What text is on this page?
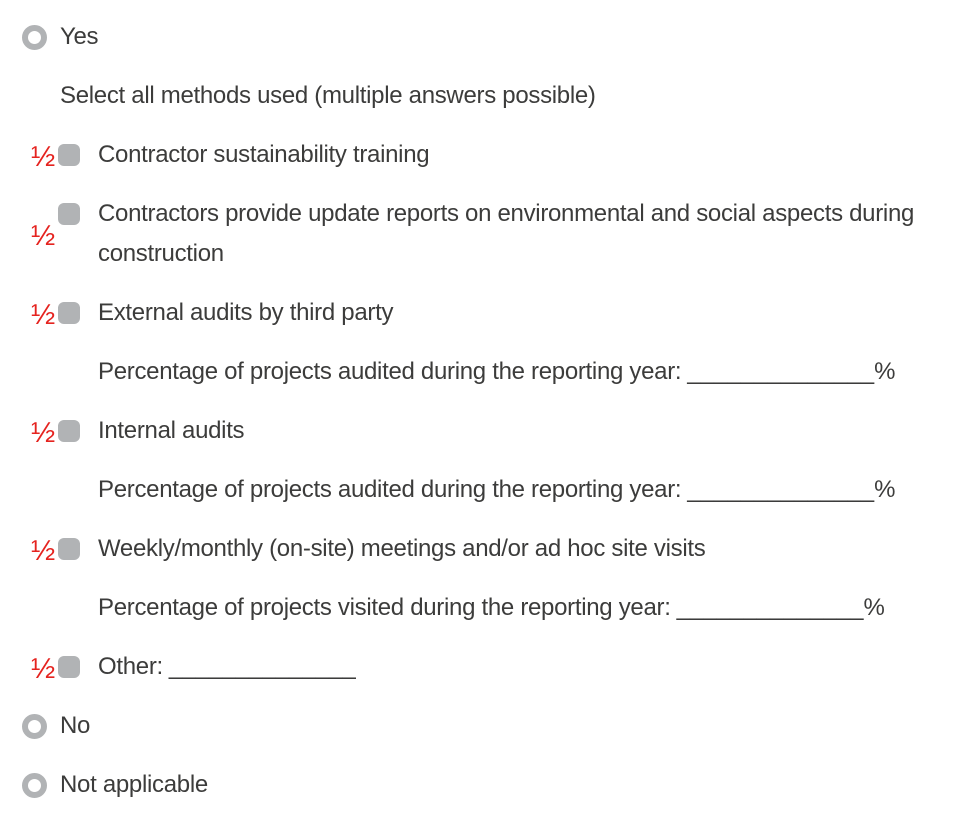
Yes
Select all methods used (multiple answers possible)
½ Contractor sustainability training
½
Contractors provide update reports on environmental and social aspects during construction
½ External audits by third party
Percentage of projects audited during the reporting year: ______________%
½ Internal audits
Percentage of projects audited during the reporting year: ______________%
½ Weekly/monthly (on-site) meetings and/or ad hoc site visits
Percentage of projects visited during the reporting year: ______________%
½ Other: ______________
No
Not applicable
